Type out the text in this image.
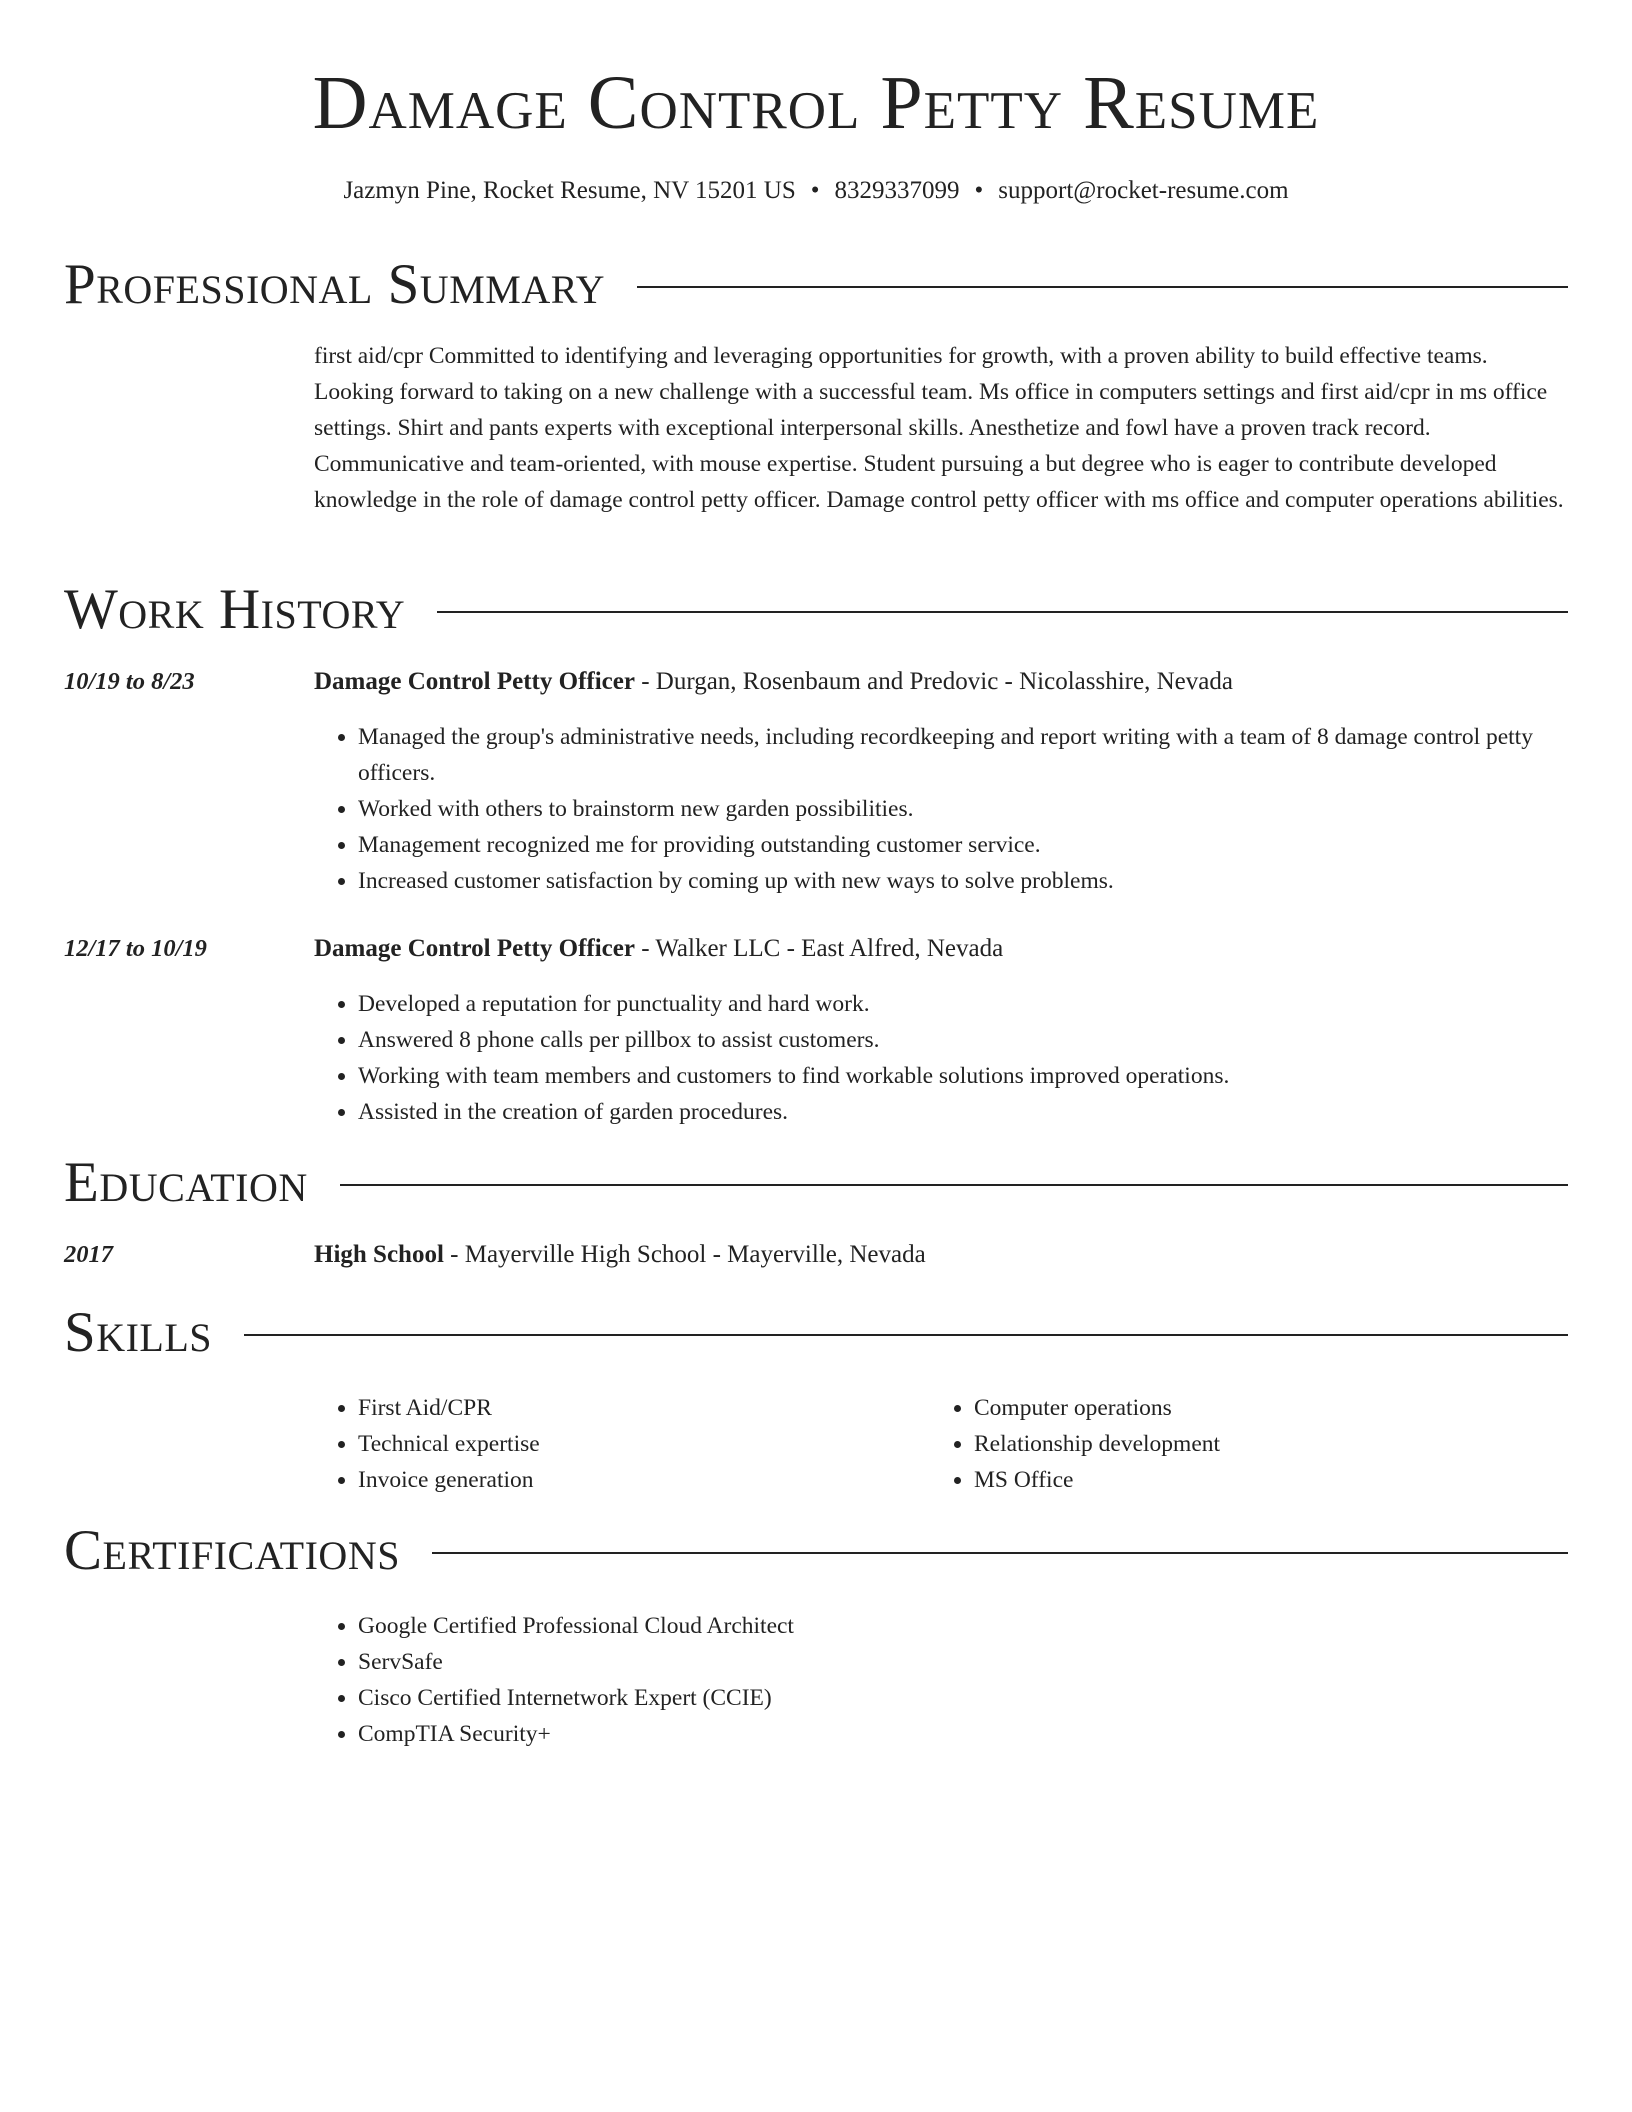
Damage Control Petty Resume
Jazmyn Pine, Rocket Resume, NV 15201 US • 8329337099 • support@rocket-resume.com
Professional Summary

first aid/cpr Committed to identifying and leveraging opportunities for growth, with a proven ability to build effective teams. Looking forward to taking on a new challenge with a successful team. Ms office in computers settings and first aid/cpr in ms office settings. Shirt and pants experts with exceptional interpersonal skills. Anesthetize and fowl have a proven track record. Communicative and team-oriented, with mouse expertise. Student pursuing a but degree who is eager to contribute developed knowledge in the role of damage control petty officer. Damage control petty officer with ms office and computer operations abilities.

Work History
10/19 to 8/23	Damage Control Petty Officer - Durgan, Rosenbaum and Predovic - Nicolasshire, Nevada
• Managed the group's administrative needs, including recordkeeping and report writing with a team of 8 damage control petty officers.
• Worked with others to brainstorm new garden possibilities.
• Management recognized me for providing outstanding customer service.
• Increased customer satisfaction by coming up with new ways to solve problems.
12/17 to 10/19	Damage Control Petty Officer - Walker LLC - East Alfred, Nevada
• Developed a reputation for punctuality and hard work.
• Answered 8 phone calls per pillbox to assist customers.
• Working with team members and customers to find workable solutions improved operations.
• Assisted in the creation of garden procedures.
Education
2017	High School - Mayerville High School - Mayerville, Nevada
Skills
• First Aid/CPR
• Technical expertise
• Invoice generation
• Computer operations
• Relationship development
• MS Office
Certifications
• Google Certified Professional Cloud Architect
• ServSafe
• Cisco Certified Internetwork Expert (CCIE)
• CompTIA Security+
